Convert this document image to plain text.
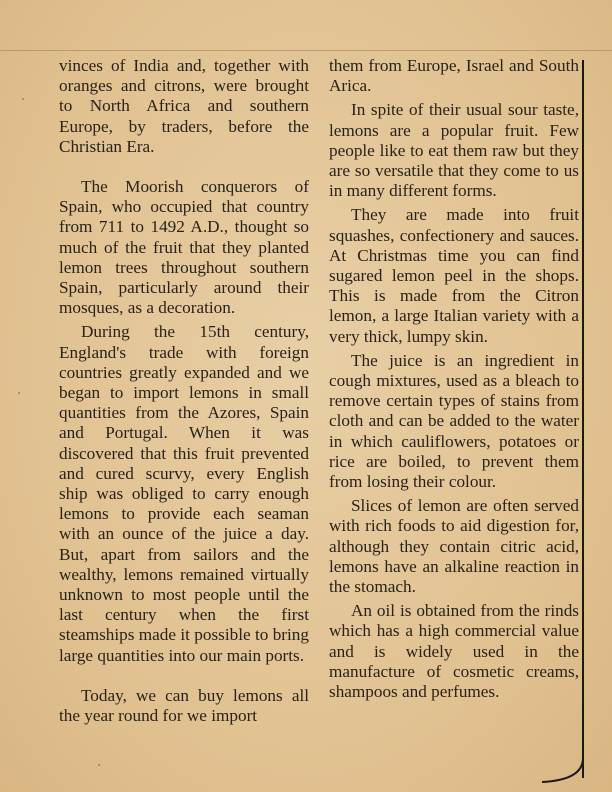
vinces of India and, together with oranges and citrons, were brought to North Africa and southern Europe, by traders, before the Christian Era.

The Moorish conquerors of Spain, who occupied that country from 711 to 1492 A.D., thought so much of the fruit that they planted lemon trees throughout southern Spain, particularly around their mosques, as a decoration.

During the 15th century, England's trade with foreign countries greatly expanded and we began to import lemons in small quantities from the Azores, Spain and Portugal. When it was discovered that this fruit prevented and cured scurvy, every English ship was obliged to carry enough lemons to provide each seaman with an ounce of the juice a day. But, apart from sailors and the wealthy, lemons remained virtually unknown to most people until the last century when the first steamships made it possible to bring large quantities into our main ports.

Today, we can buy lemons all the year round for we import

them from Europe, Israel and South Arica.

In spite of their usual sour taste, lemons are a popular fruit. Few people like to eat them raw but they are so versatile that they come to us in many different forms.

They are made into fruit squashes, confectionery and sauces. At Christmas time you can find sugared lemon peel in the shops. This is made from the Citron lemon, a large Italian variety with a very thick, lumpy skin.

The juice is an ingredient in cough mixtures, used as a bleach to remove certain types of stains from cloth and can be added to the water in which cauliflowers, potatoes or rice are boiled, to prevent them from losing their colour.

Slices of lemon are often served with rich foods to aid digestion for, although they contain citric acid, lemons have an alkaline reaction in the stomach.

An oil is obtained from the rinds which has a high commercial value and is widely used in the manufacture of cosmetic creams, shampoos and perfumes.
